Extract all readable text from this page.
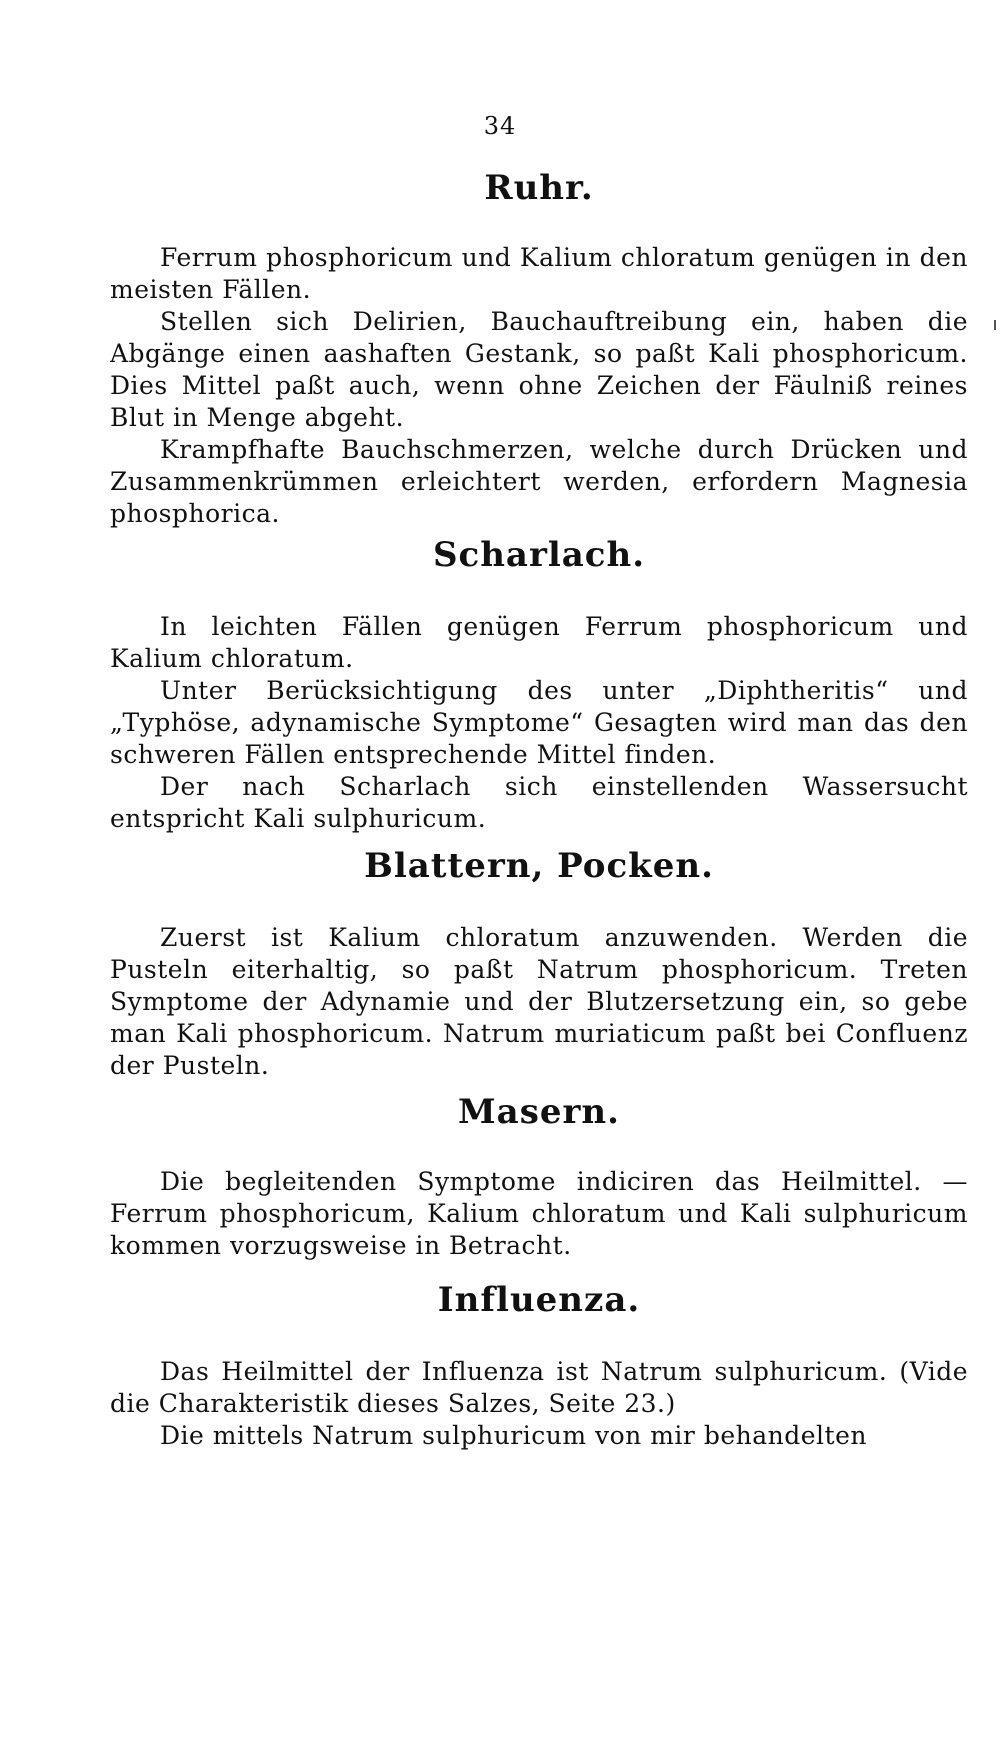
34
Ruhr.

Ferrum phosphoricum und Kalium chloratum genügen in den meisten Fällen.

Stellen sich Delirien, Bauchauftreibung ein, haben die Abgänge einen aashaften Gestank, so paßt Kali phosphoricum. Dies Mittel paßt auch, wenn ohne Zeichen der Fäulniß reines Blut in Menge abgeht.

Krampfhafte Bauchschmerzen, welche durch Drücken und Zusammenkrümmen erleichtert werden, erfordern Magnesia phosphorica.

Scharlach.

In leichten Fällen genügen Ferrum phosphoricum und Kalium chloratum.

Unter Berücksichtigung des unter „Diphtheritis“ und „Typhöse, adynamische Symptome“ Gesagten wird man das den schweren Fällen entsprechende Mittel finden.

Der nach Scharlach sich einstellenden Wassersucht entspricht Kali sulphuricum.

Blattern, Pocken.

Zuerst ist Kalium chloratum anzuwenden. Werden die Pusteln eiterhaltig, so paßt Natrum phosphoricum. Treten Symptome der Adynamie und der Blutzersetzung ein, so gebe man Kali phosphoricum. Natrum muriaticum paßt bei Confluenz der Pusteln.

Masern.

Die begleitenden Symptome indiciren das Heilmittel. — Ferrum phosphoricum, Kalium chloratum und Kali sulphuricum kommen vorzugsweise in Betracht.

Influenza.

Das Heilmittel der Influenza ist Natrum sulphuricum. (Vide die Charakteristik dieses Salzes, Seite 23.)

Die mittels Natrum sulphuricum von mir behandelten
